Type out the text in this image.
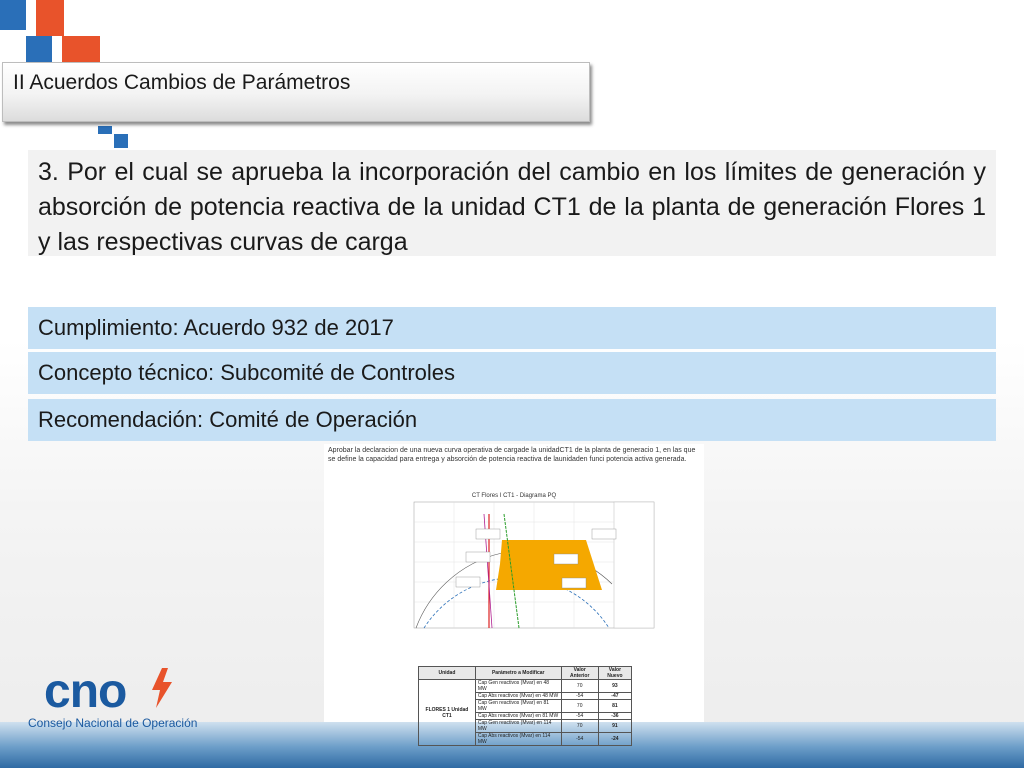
II Acuerdos Cambios de Parámetros
3. Por el cual se aprueba la incorporación del cambio en los límites de generación y absorción de potencia reactiva de la unidad CT1 de la planta de generación Flores 1 y las respectivas curvas de carga
Cumplimiento: Acuerdo 932 de 2017
Concepto técnico: Subcomité de Controles
Recomendación: Comité de Operación
Aprobar la declaracion de una nueva curva operativa de cargade la unidadCT1 de la planta de generacio 1, en las que se define la capacidad para entrega y absorción de potencia reactiva de launidaden funci potencia activa generada.
CT Flores I CT1 - Diagrama PQ
Unidad	Parámetro a Modificar	Valor Anterior	Valor Nuevo
FLORES 1 Unidad CT1	Cap Gen reactivos (Mvar) en 48 MW	70	93
	Cap Abs reactivos (Mvar) en 48 MW	-54	-47
	Cap Gen reactivos (Mvar) en 81 MW	70	81
	Cap Abs reactivos (Mvar) en 81 MW	-54	-36
	Cap Gen reactivos (Mvar) en 114 MW	70	91
	Cap Abs reactivos (Mvar) en 114 MW	-54	-24
cno
Consejo Nacional de Operación
